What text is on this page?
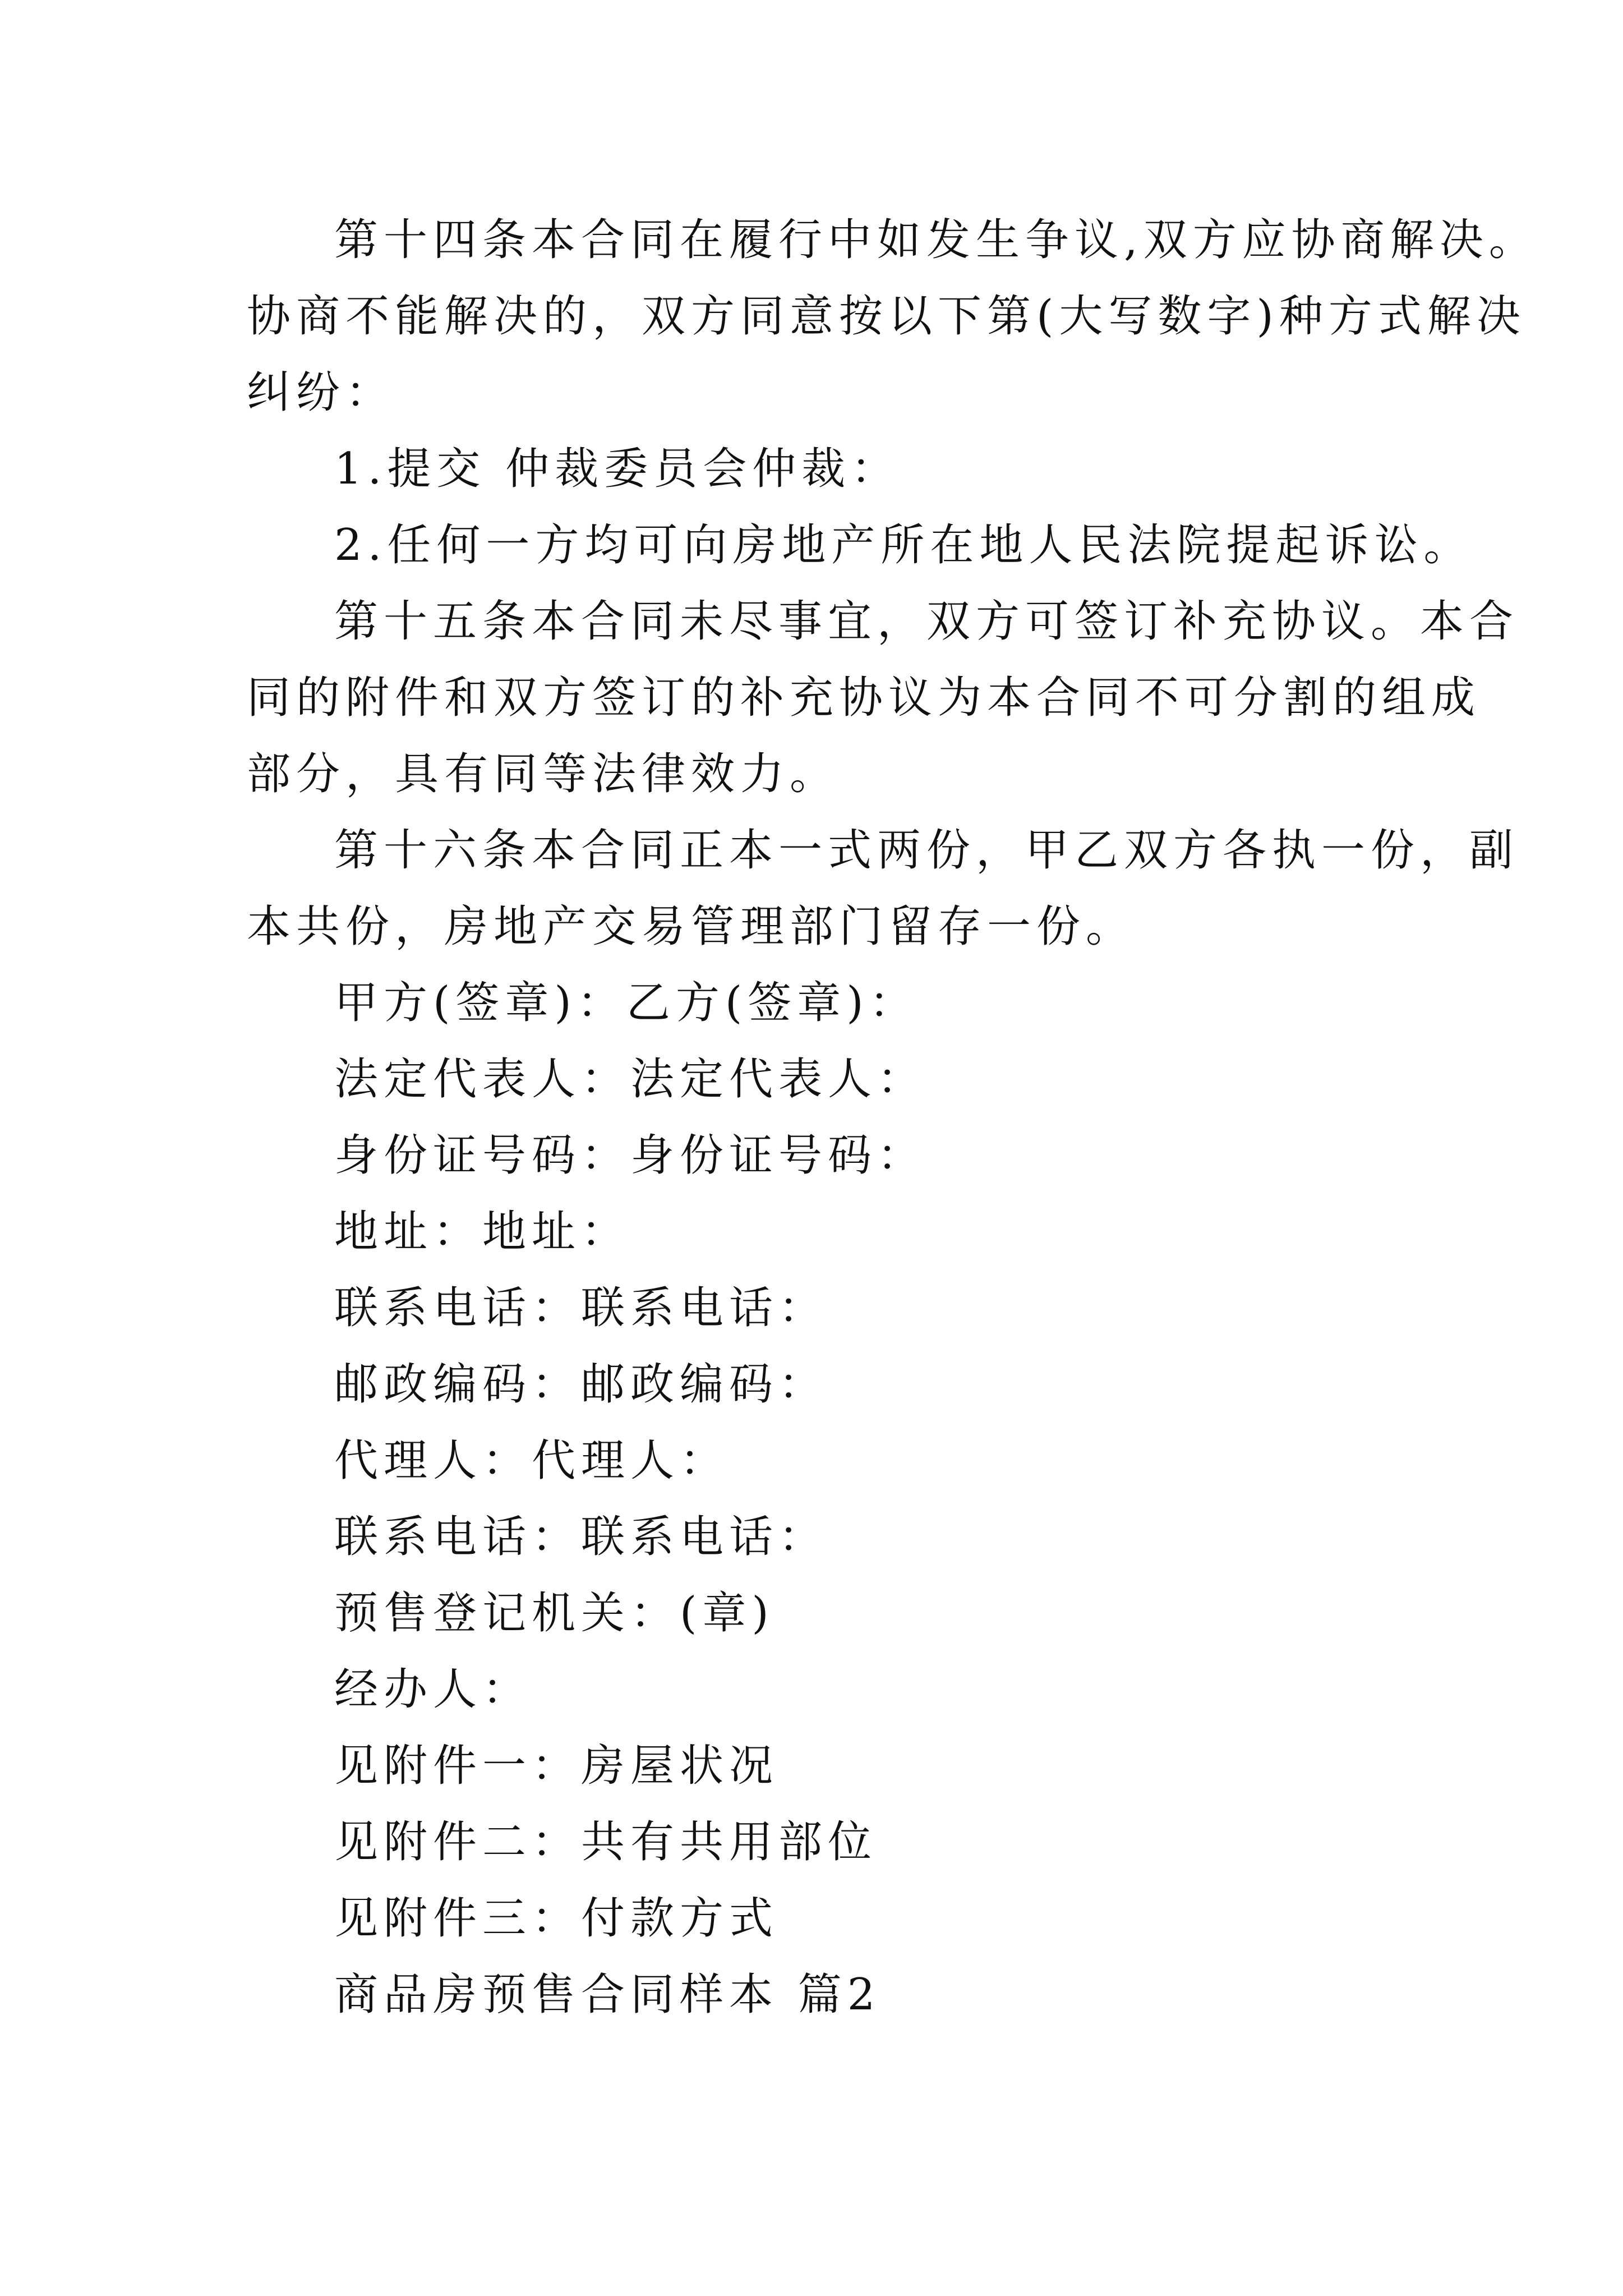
第十四条本合同在履行中如发生争议,双方应协商解决。
协商不能解决的，双方同意按以下第(大写数字)种方式解决
纠纷：
1.提交 仲裁委员会仲裁：
2.任何一方均可向房地产所在地人民法院提起诉讼。
第十五条本合同未尽事宜，双方可签订补充协议。本合
同的附件和双方签订的补充协议为本合同不可分割的组成
部分，具有同等法律效力。
第十六条本合同正本一式两份，甲乙双方各执一份，副
本共份，房地产交易管理部门留存一份。
甲方(签章)：乙方(签章)：
法定代表人：法定代表人：
身份证号码：身份证号码：
地址：地址：
联系电话：联系电话：
邮政编码：邮政编码：
代理人：代理人：
联系电话：联系电话：
预售登记机关：(章)
经办人：
见附件一：房屋状况
见附件二：共有共用部位
见附件三：付款方式
商品房预售合同样本 篇2
